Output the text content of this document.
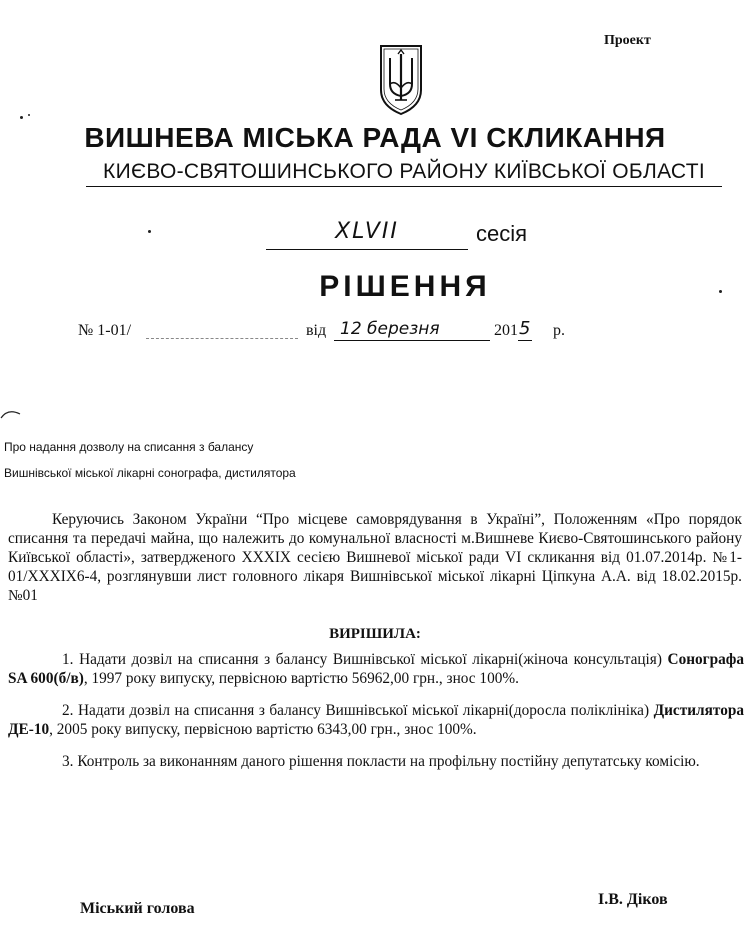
Проект
ВИШНЕВА МІСЬКА РАДА VI СКЛИКАННЯ
КИЄВО-СВЯТОШИНСЬКОГО РАЙОНУ КИЇВСЬКОЇ ОБЛАСТІ
XLVII	сесія
РІШЕННЯ
№ 1-01/	від 12 березня	201 5 р.
Про надання дозволу на списання з балансу
Вишнівської міської лікарні сонографа, дистилятора
Керуючись Законом України “Про місцеве самоврядування в Україні”, Положенням «Про порядок списання та передачі майна, що належить до комунальної власності м.Вишневе Києво-Святошинського району Київської області», затвердженого XXXIX сесією Вишневої міської ради VI скликання від 01.07.2014р. №1-01/XXXIX6-4, розглянувши лист головного лікаря Вишнівської міської лікарні Ціпкуна А.А. від 18.02.2015р. №01
ВИРІШИЛА:
1. Надати дозвіл на списання з балансу Вишнівської міської лікарні(жіноча консультація) Сонографа SA 600(б/в), 1997 року випуску, первісною вартістю 56962,00 грн., знос 100%.
2. Надати дозвіл на списання з балансу Вишнівської міської лікарні(доросла поліклініка) Дистилятора ДЕ-10, 2005 року випуску, первісною вартістю 6343,00 грн., знос 100%.
3. Контроль за виконанням даного рішення покласти на профільну постійну депутатську комісію.
Міський голова
І.В. Діков
